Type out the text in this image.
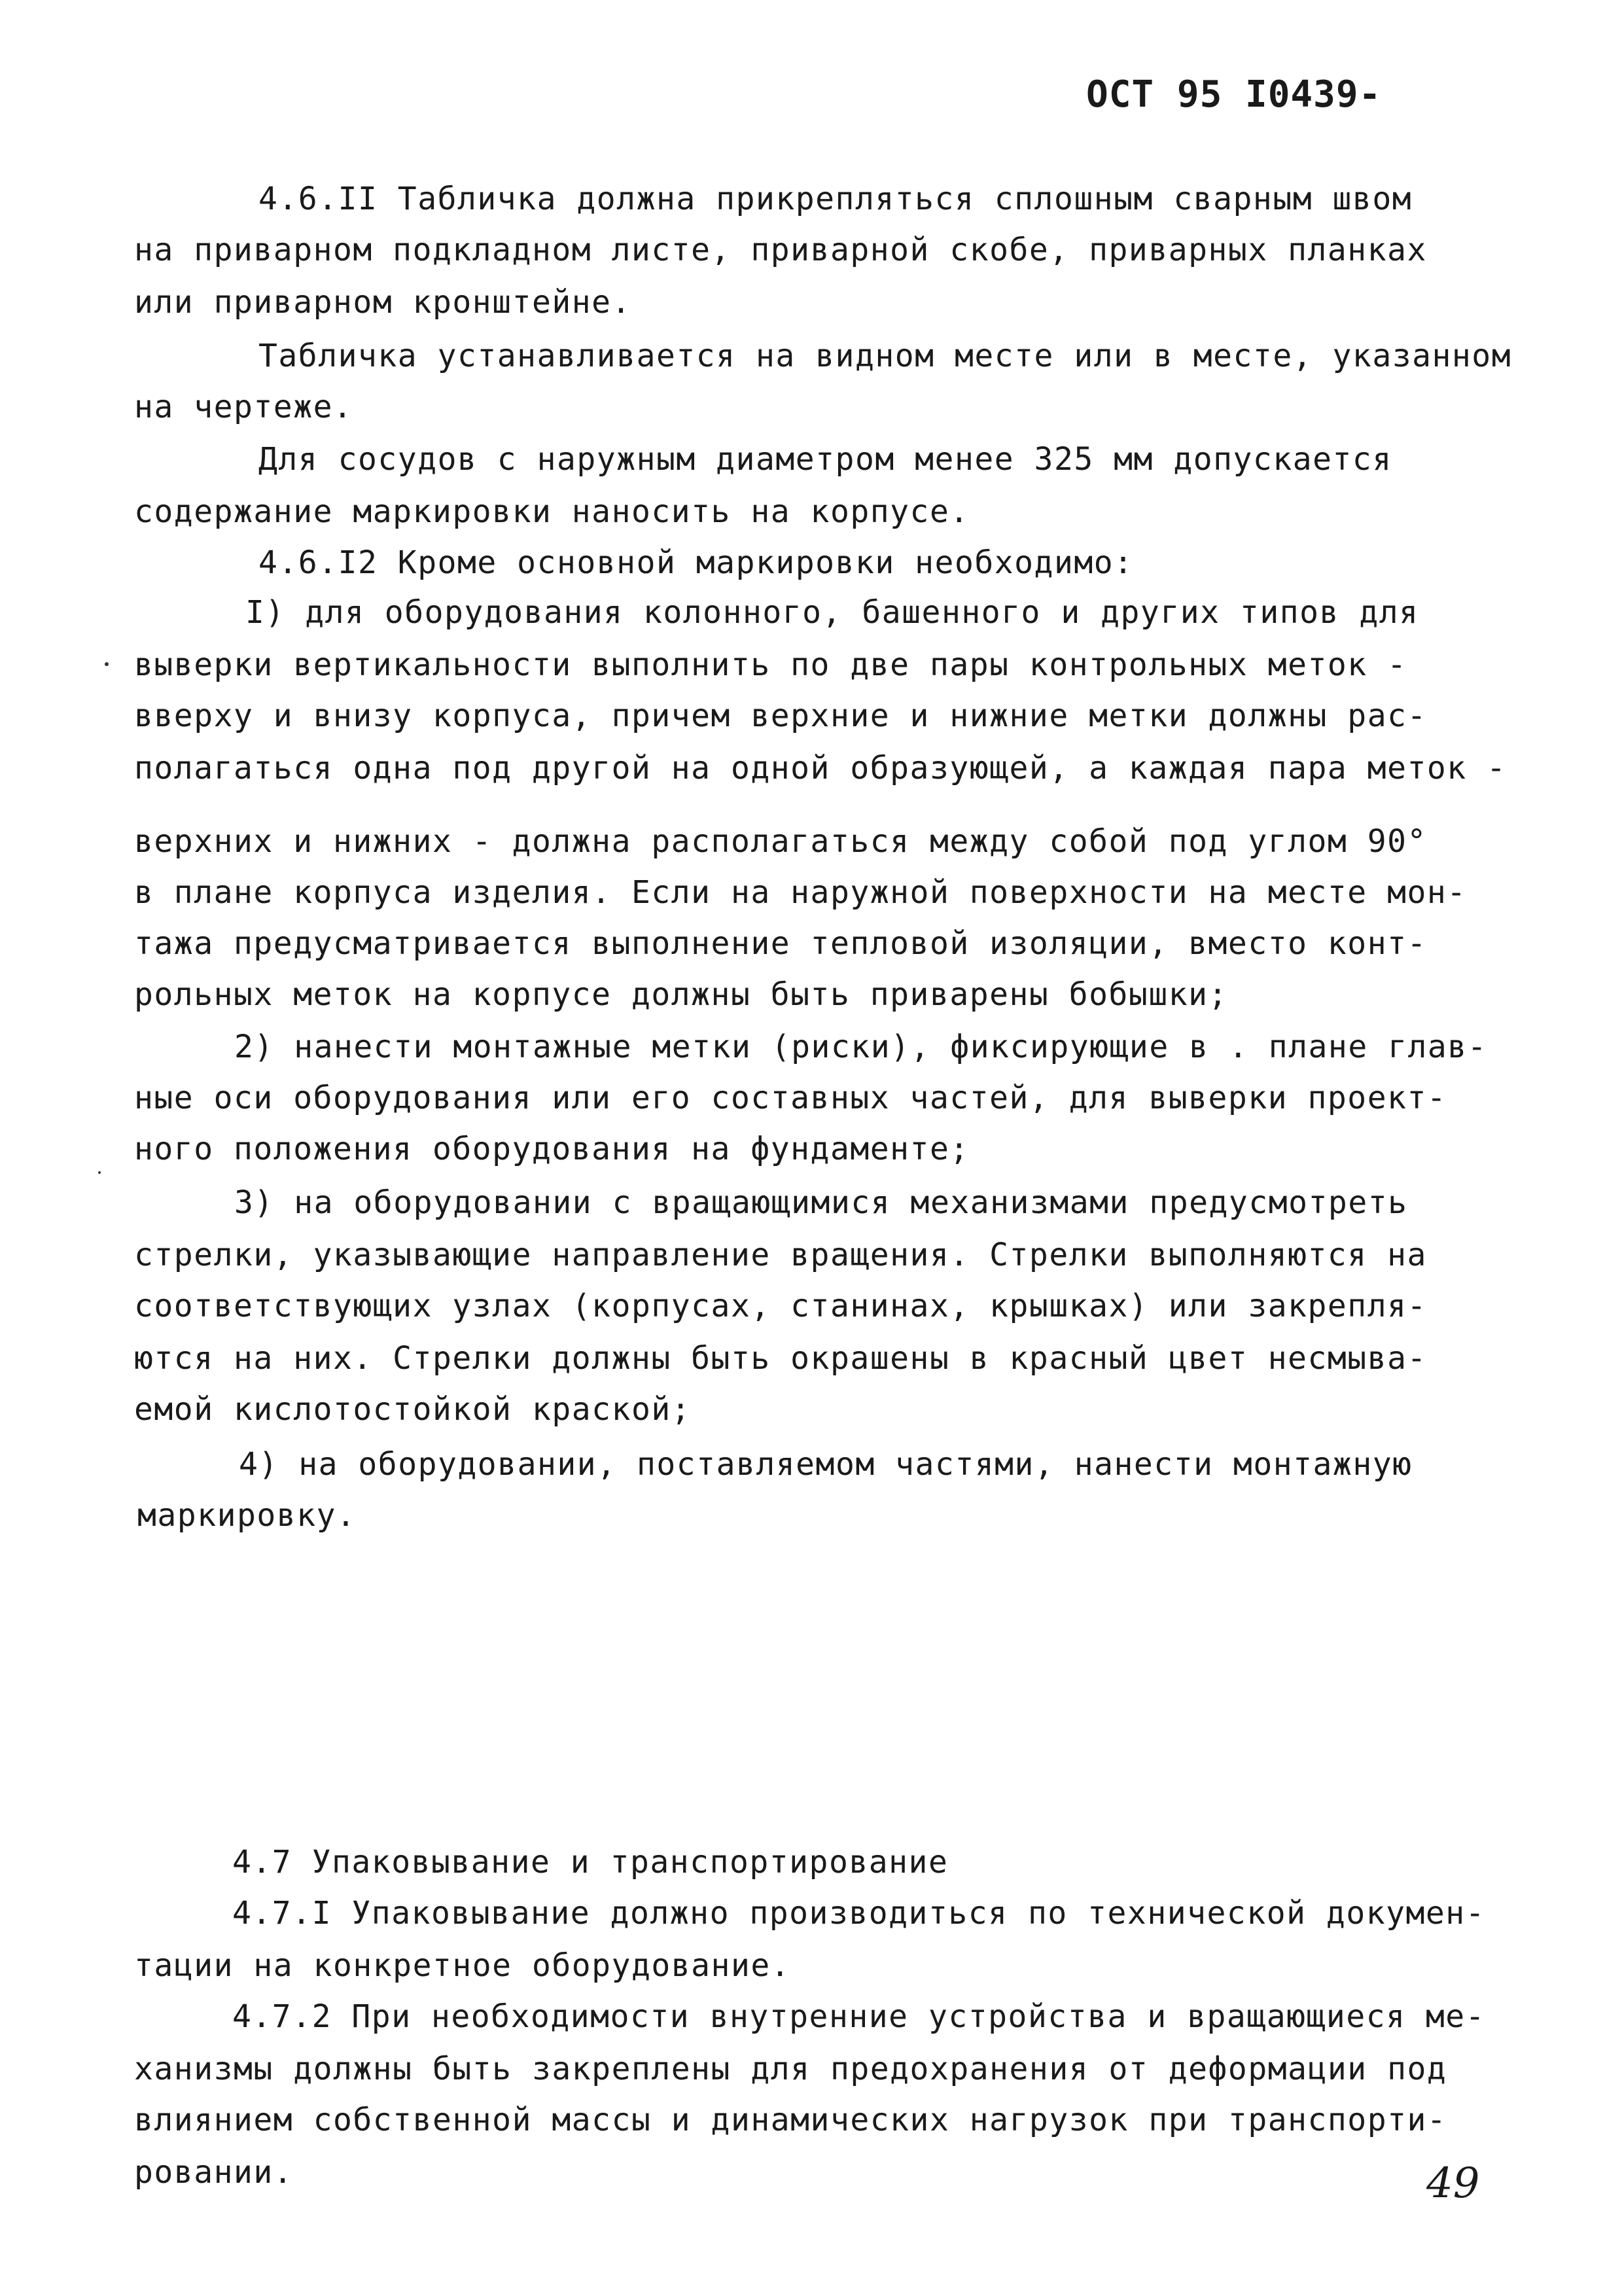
ОСТ 95 I0439-
4.6.II Табличка должна прикрепляться сплошным сварным швом
на приварном подкладном листе, приварной скобе, приварных планках
или приварном кронштейне.
Табличка устанавливается на видном месте или в месте, указанном
на чертеже.
Для сосудов с наружным диаметром менее 325 мм допускается
содержание маркировки наносить на корпусе.
4.6.I2 Кроме основной маркировки необходимо:
I) для оборудования колонного, башенного и других типов для
выверки вертикальности выполнить по две пары контрольных меток -
вверху и внизу корпуса, причем верхние и нижние метки должны рас-
полагаться одна под другой на одной образующей, а каждая пара меток -
верхних и нижних - должна располагаться между собой под углом 90°
в плане корпуса изделия. Если на наружной поверхности на месте мон-
тажа предусматривается выполнение тепловой изоляции, вместо конт-
рольных меток на корпусе должны быть приварены бобышки;
2) нанести монтажные метки (риски), фиксирующие в . плане глав-
ные оси оборудования или его составных частей, для выверки проект-
ного положения оборудования на фундаменте;
3) на оборудовании с вращающимися механизмами предусмотреть
стрелки, указывающие направление вращения. Стрелки выполняются на
соответствующих узлах (корпусах, станинах, крышках) или закрепля-
ются на них. Стрелки должны быть окрашены в красный цвет несмыва-
емой кислотостойкой краской;
4) на оборудовании, поставляемом частями, нанести монтажную
маркировку.
4.7 Упаковывание и транспортирование
4.7.I Упаковывание должно производиться по технической докумен-
тации на конкретное оборудование.
4.7.2 При необходимости внутренние устройства и вращающиеся ме-
ханизмы должны быть закреплены для предохранения от деформации под
влиянием собственной массы и динамических нагрузок при транспорти-
ровании.	49
